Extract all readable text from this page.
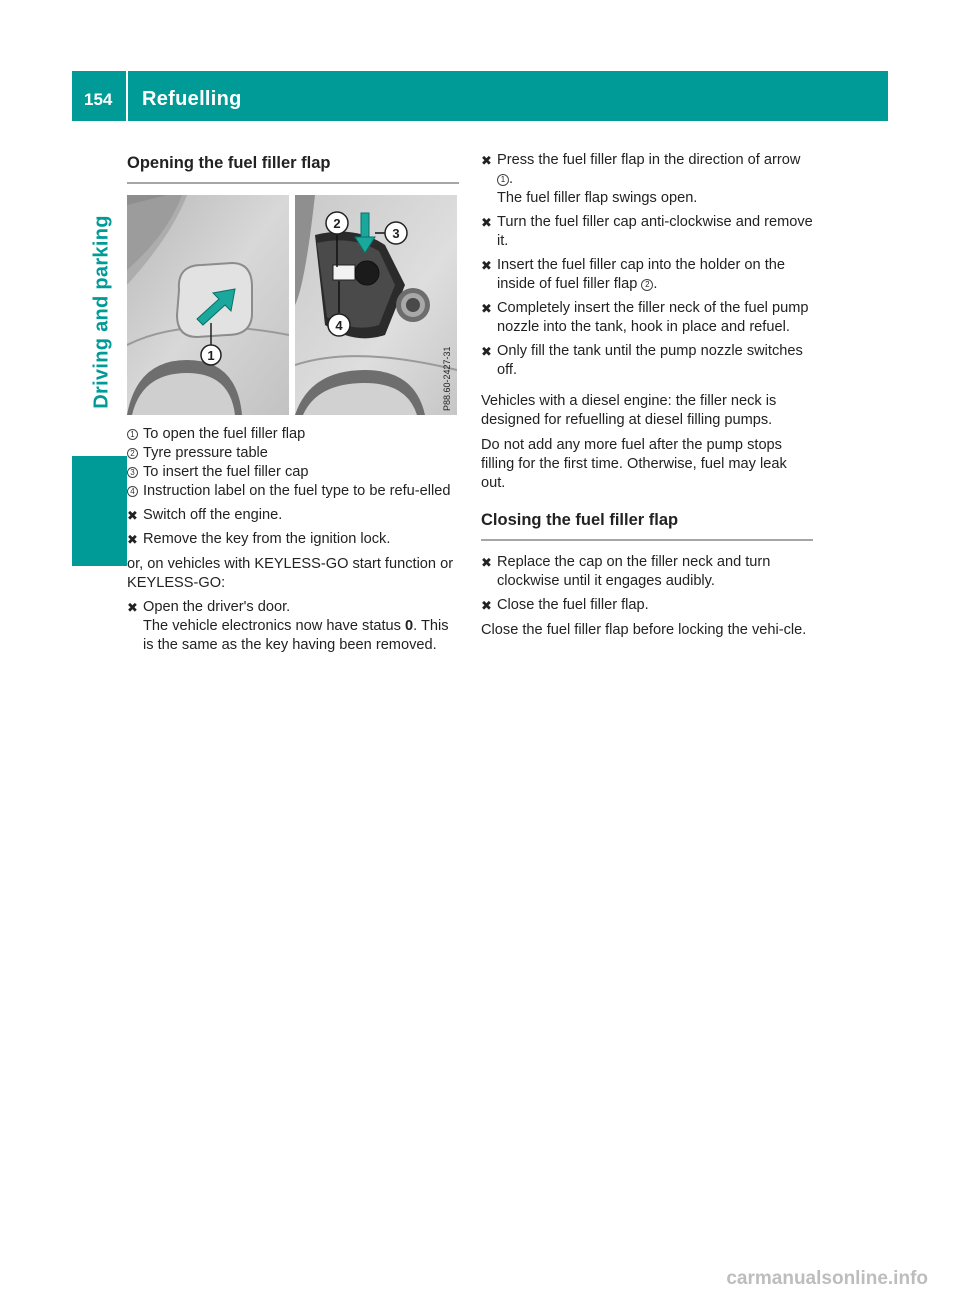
154 Refuelling
Driving and parking
Opening the fuel filler flap
1
2
3
4
P88.60-2427-31
1 To open the fuel filler flap
2 Tyre pressure table
3 To insert the fuel filler cap
4 Instruction label on the fuel type to be refu-elled
✖ Switch off the engine.
✖ Remove the key from the ignition lock.

or, on vehicles with KEYLESS-GO start function or KEYLESS-GO:

✖ Open the driver's door.
The vehicle electronics now have status 0. This is the same as the key having been removed.
✖ Press the fuel filler flap in the direction of arrow 1 .
The fuel filler flap swings open.
✖ Turn the fuel filler cap anti-clockwise and remove it.
✖ Insert the fuel filler cap into the holder on the inside of fuel filler flap 2 .
✖ Completely insert the filler neck of the fuel pump nozzle into the tank, hook in place and refuel.
✖ Only fill the tank until the pump nozzle switches off.

Vehicles with a diesel engine: the filler neck is designed for refuelling at diesel filling pumps.

Do not add any more fuel after the pump stops filling for the first time. Otherwise, fuel may leak out.

Closing the fuel filler flap
✖ Replace the cap on the filler neck and turn clockwise until it engages audibly.
✖ Close the fuel filler flap.

Close the fuel filler flap before locking the vehi-cle.

carmanualsonline.info
